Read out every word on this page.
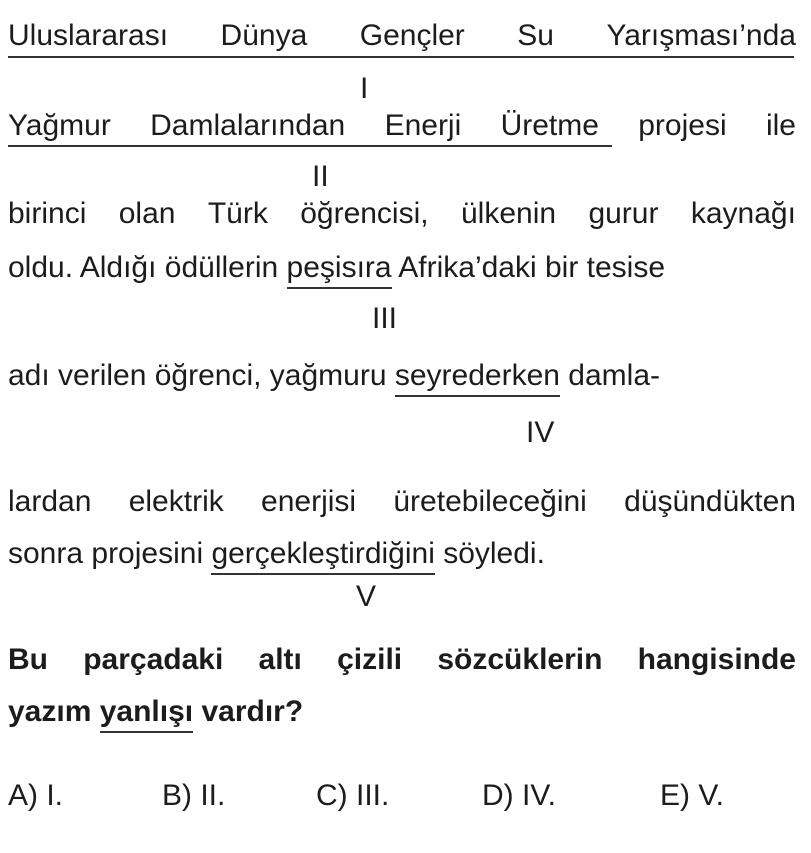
Uluslararası Dünya Gençler Su Yarışması’nda
I
Yağmur Damlalarından Enerji Üretme projesi ile
II
birinci olan Türk öğrencisi, ülkenin gurur kaynağı
oldu. Aldığı ödüllerin peşisıra Afrika’daki bir tesise
III
adı verilen öğrenci, yağmuru seyrederken damla-
IV
lardan elektrik enerjisi üretebileceğini düşündükten
sonra projesini gerçekleştirdiğini söyledi.
V
Bu parçadaki altı çizili sözcüklerin hangisinde
yazım yanlışı vardır?
A) I.	B) II.	C) III.	D) IV.	E) V.
